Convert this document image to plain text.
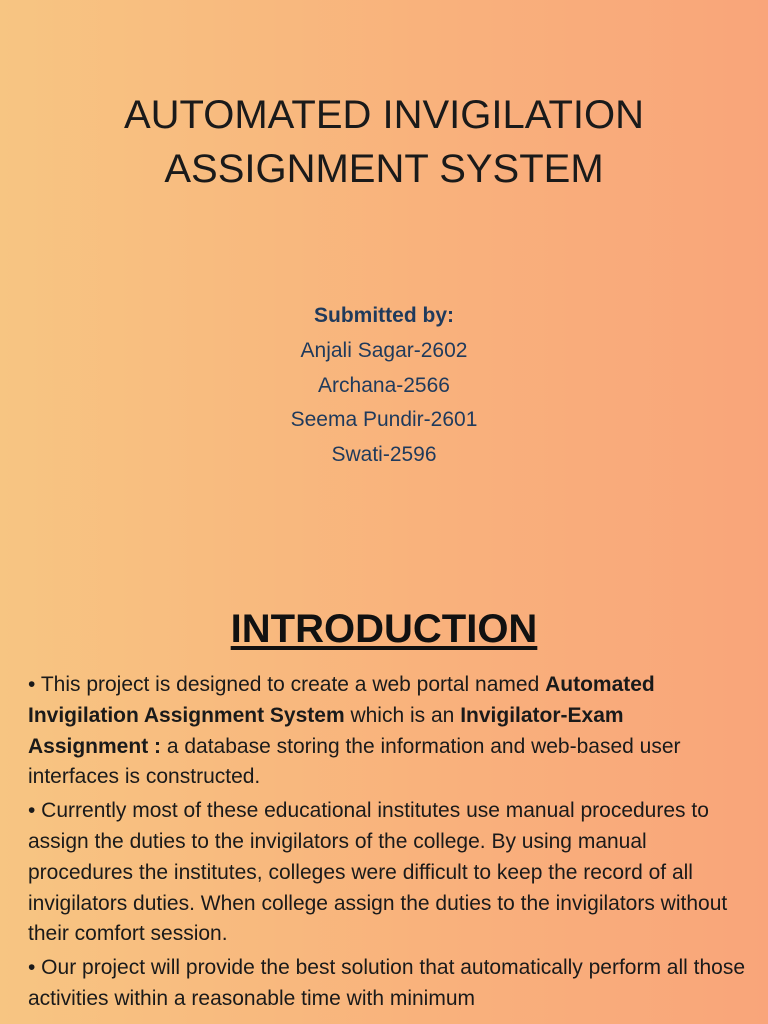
AUTOMATED INVIGILATION
ASSIGNMENT SYSTEM
Submitted by:
Anjali Sagar-2602
Archana-2566
Seema Pundir-2601
Swati-2596
INTRODUCTION

• This project is designed to create a web portal named Automated Invigilation Assignment System which is an Invigilator-Exam Assignment : a database storing the information and web-based user interfaces is constructed.

• Currently most of these educational institutes use manual procedures to assign the duties to the invigilators of the college. By using manual procedures the institutes, colleges were difficult to keep the record of all invigilators duties. When college assign the duties to the invigilators without their comfort session.

• Our project will provide the best solution that automatically perform all those activities within a reasonable time with minimum
